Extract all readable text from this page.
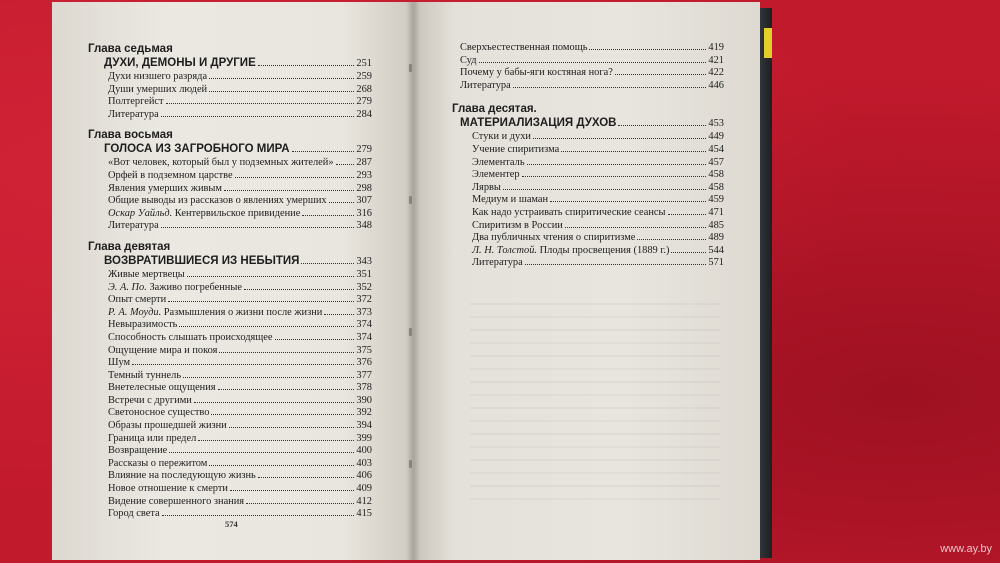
Глава седьмая
ДУХИ, ДЕМОНЫ И ДРУГИЕ	251
Духи низшего разряда	259
Души умерших людей	268
Полтергейст	279
Литература	284
Глава восьмая
ГОЛОСА ИЗ ЗАГРОБНОГО МИРА	279
«Вот человек, который был у подземных жителей» 287
Орфей в подземном царстве	293
Явления умерших живым	298
Общие выводы из рассказов о явлениях умерших	307
Оскар Уайльд. Кентервильское привидение	316
Литература	348
Глава девятая
ВОЗВРАТИВШИЕСЯ ИЗ НЕБЫТИЯ	343
Живые мертвецы	351
Э. А. По. Заживо погребенные	352
Опыт смерти	372
Р. А. Моуди. Размышления о жизни после жизни	373
Невыразимость	374
Способность слышать происходящее	374
Ощущение мира и покоя	375
Шум	376
Темный туннель	377
Внетелесные ощущения	378
Встречи с другими	390
Светоносное существо	392
Образы прошедшей жизни	394
Граница или предел	399
Возвращение	400
Рассказы о пережитом	403
Влияние на последующую жизнь	406
Новое отношение к смерти	409
Видение совершенного знания	412
Город света	415
574
Сверхъестественная помощь	419
Суд	421
Почему у бабы-яги костяная нога?	422
Литература	446
Глава десятая.
МАТЕРИАЛИЗАЦИЯ ДУХОВ	453
Стуки и духи	449
Учение спиритизма	454
Элементаль	457
Элементер	458
Лярвы	458
Медиум и шаман	459
Как надо устраивать спиритические сеансы	471
Спиритизм в России	485
Два публичных чтения о спиритизме	489
Л. Н. Толстой. Плоды просвещения (1889 г.)	544
Литература	571
www.ay.by
